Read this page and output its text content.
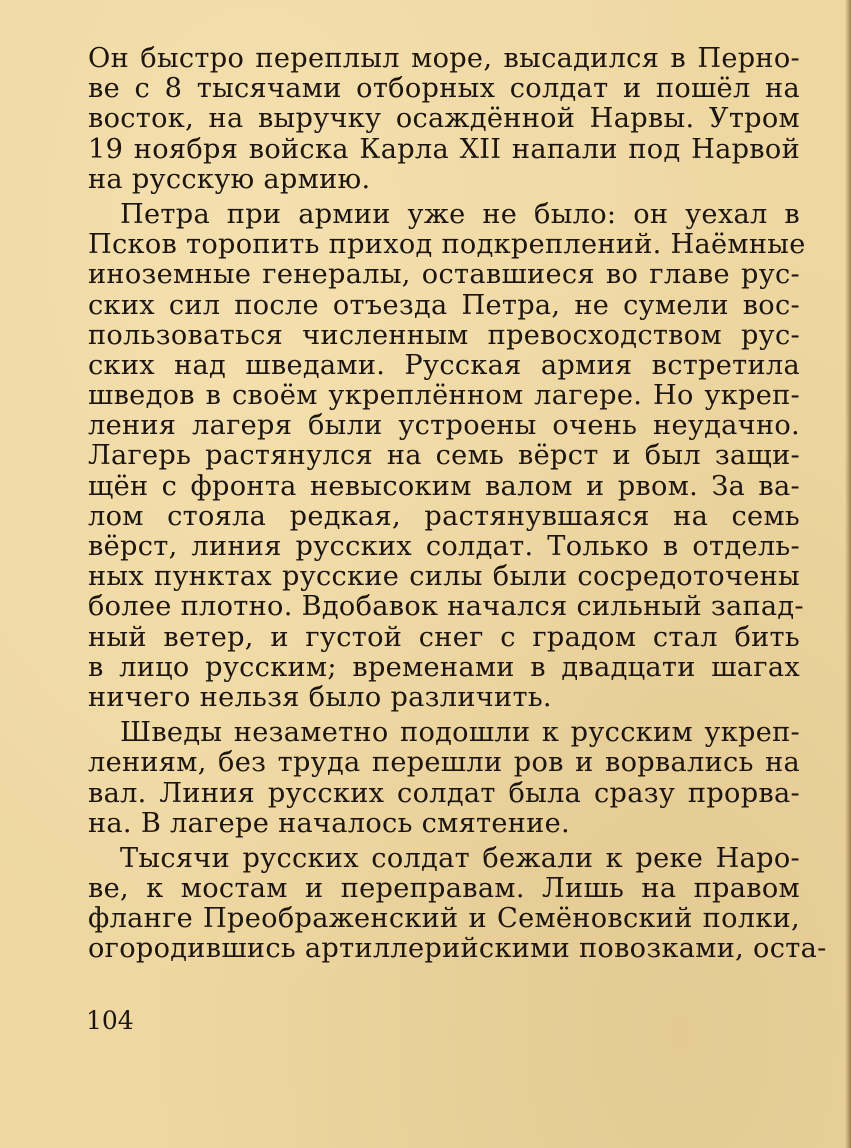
Он быстро переплыл море, высадился в Перно-
ве с 8 тысячами отборных солдат и пошёл на
восток, на выручку осаждённой Нарвы. Утром
19 ноября войска Карла XII напали под Нарвой
на русскую армию.
Петра при армии уже не было: он уехал в
Псков торопить приход подкреплений. Наёмные
иноземные генералы, оставшиеся во главе рус-
ских сил после отъезда Петра, не сумели вос-
пользоваться численным превосходством рус-
ских над шведами. Русская армия встретила
шведов в своём укреплённом лагере. Но укреп-
ления лагеря были устроены очень неудачно.
Лагерь растянулся на семь вёрст и был защи-
щён с фронта невысоким валом и рвом. За ва-
лом стояла редкая, растянувшаяся на семь
вёрст, линия русских солдат. Только в отдель-
ных пунктах русские силы были сосредоточены
более плотно. Вдобавок начался сильный запад-
ный ветер, и густой снег с градом стал бить
в лицо русским; временами в двадцати шагах
ничего нельзя было различить.
Шведы незаметно подошли к русским укреп-
лениям, без труда перешли ров и ворвались на
вал. Линия русских солдат была сразу прорва-
на. В лагере началось смятение.
Тысячи русских солдат бежали к реке Наро-
ве, к мостам и переправам. Лишь на правом
фланге Преображенский и Семёновский полки,
огородившись артиллерийскими повозками, оста-
104
